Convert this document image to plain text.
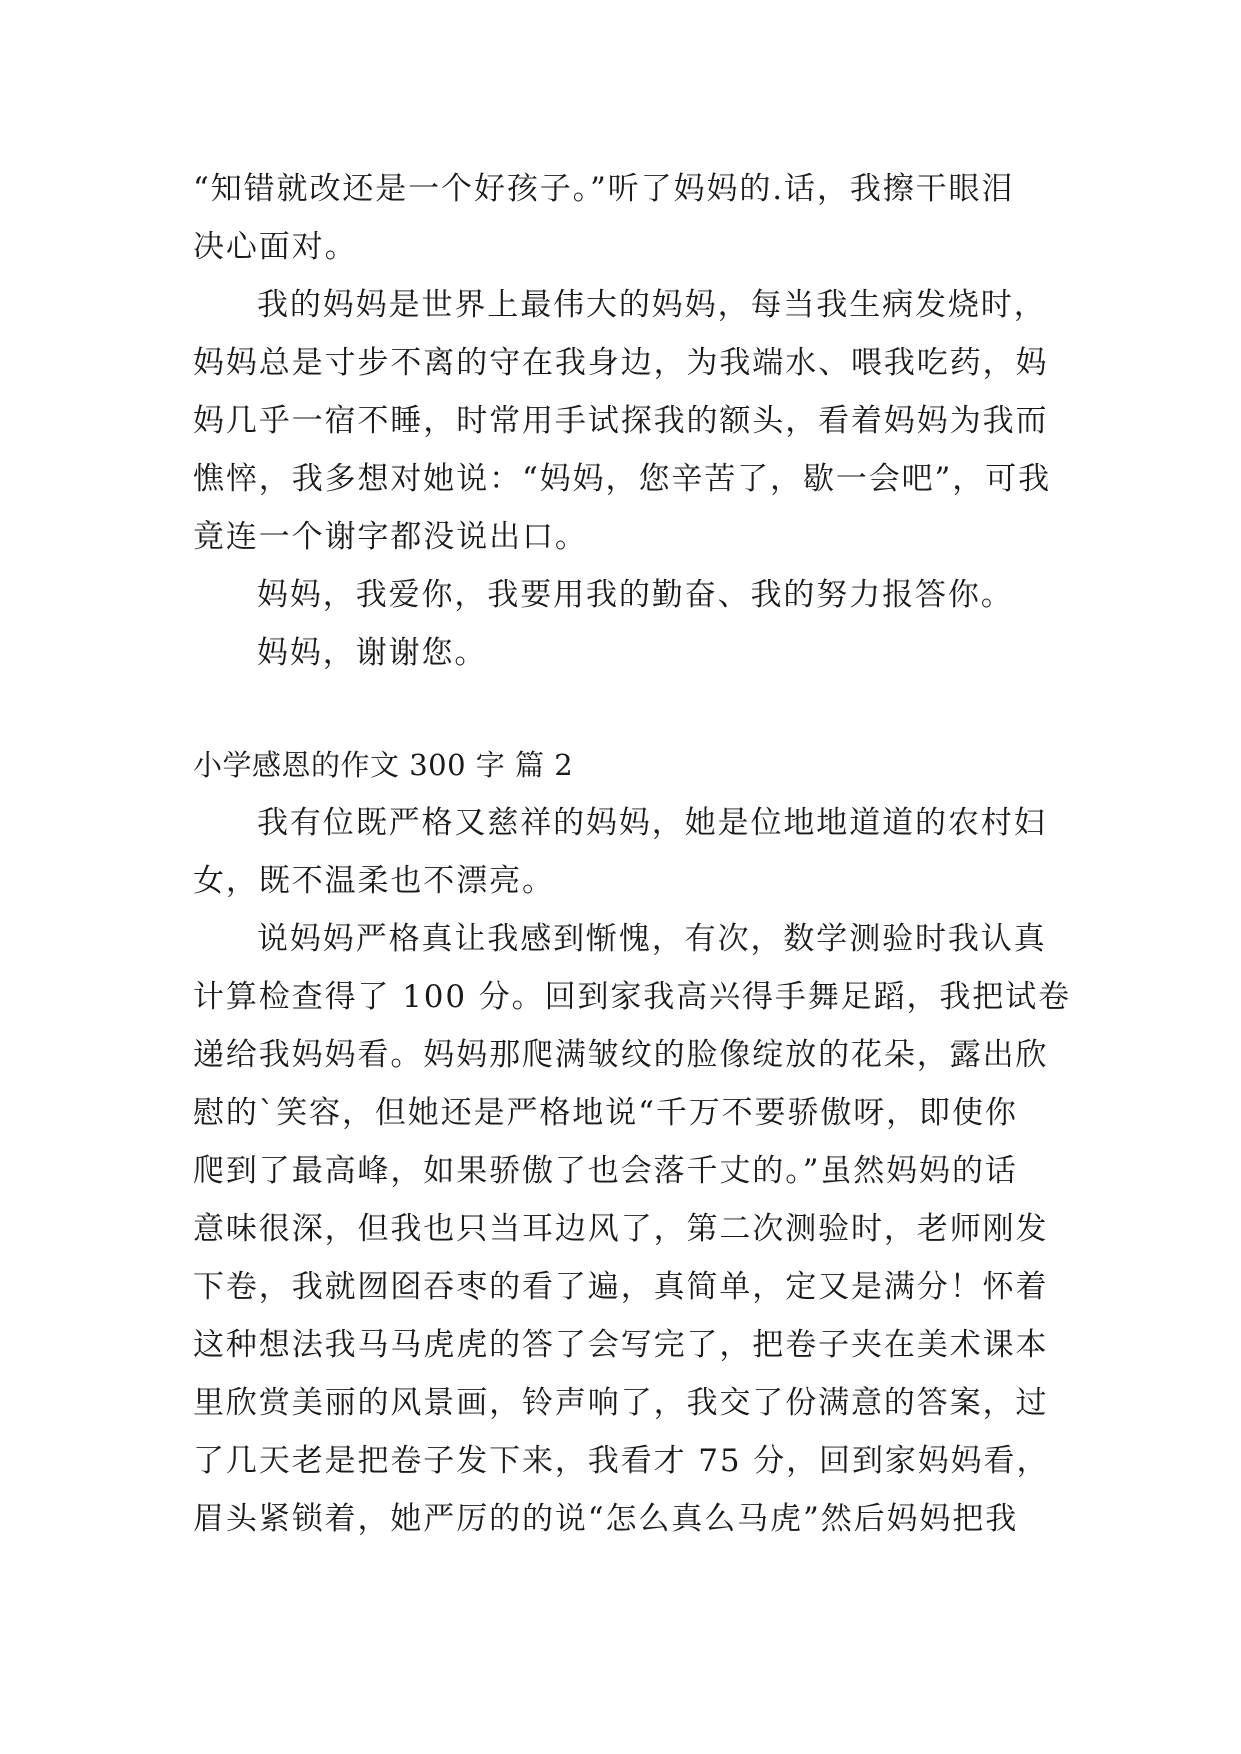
“知错就改还是一个好孩子。”听了妈妈的.话，我擦干眼泪
决心面对。
我的妈妈是世界上最伟大的妈妈，每当我生病发烧时，
妈妈总是寸步不离的守在我身边，为我端水、喂我吃药，妈
妈几乎一宿不睡，时常用手试探我的额头，看着妈妈为我而
憔悴，我多想对她说：“妈妈，您辛苦了，歇一会吧”，可我
竟连一个谢字都没说出口。
妈妈，我爱你，我要用我的勤奋、我的努力报答你。
妈妈，谢谢您。
小学感恩的作文 300 字 篇 2
我有位既严格又慈祥的妈妈，她是位地地道道的农村妇
女，既不温柔也不漂亮。
说妈妈严格真让我感到惭愧，有次，数学测验时我认真
计算检查得了 100 分。回到家我高兴得手舞足蹈，我把试卷
递给我妈妈看。妈妈那爬满皱纹的脸像绽放的花朵，露出欣
慰的`笑容，但她还是严格地说“千万不要骄傲呀，即使你
爬到了最高峰，如果骄傲了也会落千丈的。”虽然妈妈的话
意味很深，但我也只当耳边风了，第二次测验时，老师刚发
下卷，我就囫囵吞枣的看了遍，真简单，定又是满分！怀着
这种想法我马马虎虎的答了会写完了，把卷子夹在美术课本
里欣赏美丽的风景画，铃声响了，我交了份满意的答案，过
了几天老是把卷子发下来，我看才 75 分，回到家妈妈看，
眉头紧锁着，她严厉的的说“怎么真么马虎”然后妈妈把我
